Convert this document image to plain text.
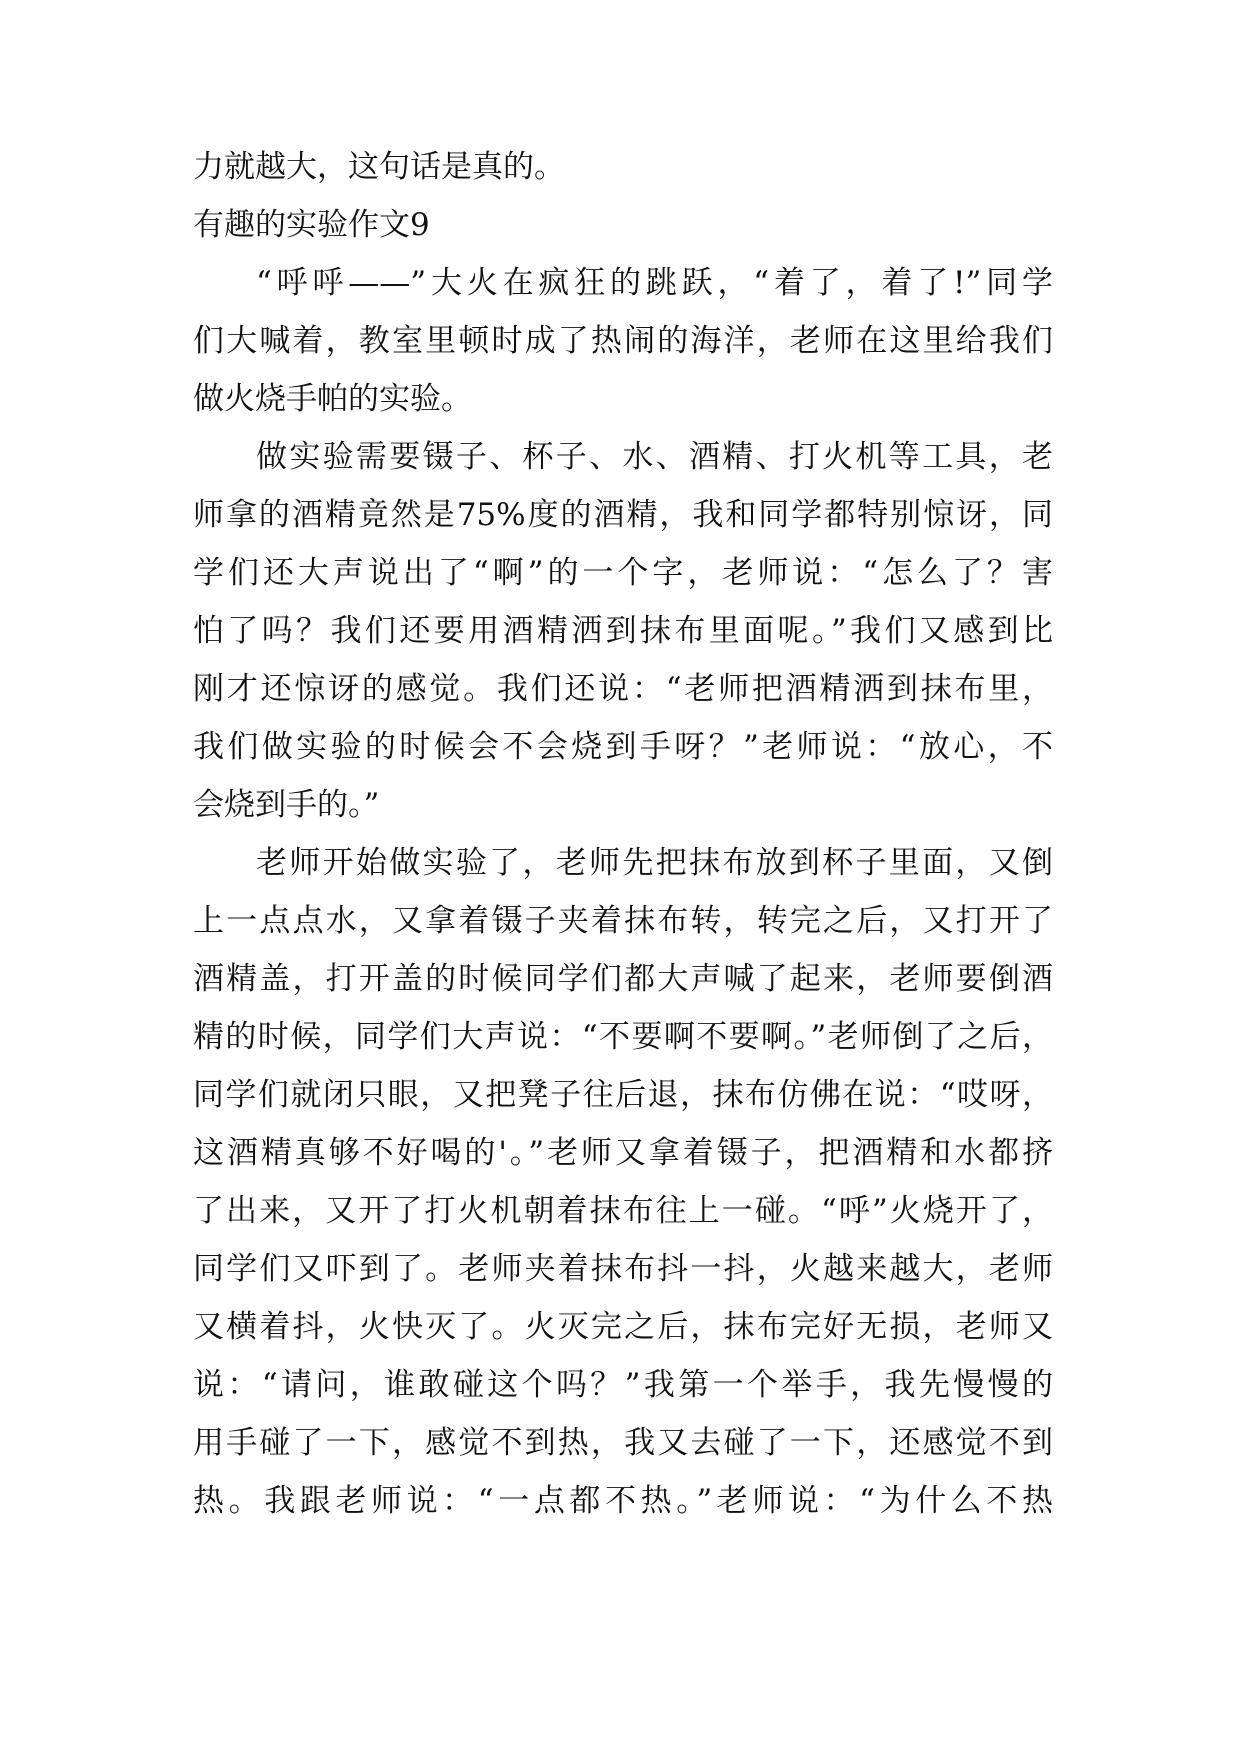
力就越大，这句话是真的。
有趣的实验作文9
“呼呼——”大火在疯狂的跳跃，“着了，着了!”同学
们大喊着，教室里顿时成了热闹的海洋，老师在这里给我们
做火烧手帕的实验。
做实验需要镊子、杯子、水、酒精、打火机等工具，老
师拿的酒精竟然是75%度的酒精，我和同学都特别惊讶，同
学们还大声说出了“啊”的一个字，老师说：“怎么了？害
怕了吗？我们还要用酒精洒到抹布里面呢。”我们又感到比
刚才还惊讶的感觉。我们还说：“老师把酒精洒到抹布里，
我们做实验的时候会不会烧到手呀？”老师说：“放心，不
会烧到手的。”
老师开始做实验了，老师先把抹布放到杯子里面，又倒
上一点点水，又拿着镊子夹着抹布转，转完之后，又打开了
酒精盖，打开盖的时候同学们都大声喊了起来，老师要倒酒
精的时候，同学们大声说：“不要啊不要啊。”老师倒了之后，
同学们就闭只眼，又把凳子往后退，抹布仿佛在说：“哎呀，
这酒精真够不好喝的'。”老师又拿着镊子，把酒精和水都挤
了出来，又开了打火机朝着抹布往上一碰。“呼”火烧开了，
同学们又吓到了。老师夹着抹布抖一抖，火越来越大，老师
又横着抖，火快灭了。火灭完之后，抹布完好无损，老师又
说：“请问，谁敢碰这个吗？”我第一个举手，我先慢慢的
用手碰了一下，感觉不到热，我又去碰了一下，还感觉不到
热。我跟老师说：“一点都不热。”老师说：“为什么不热
